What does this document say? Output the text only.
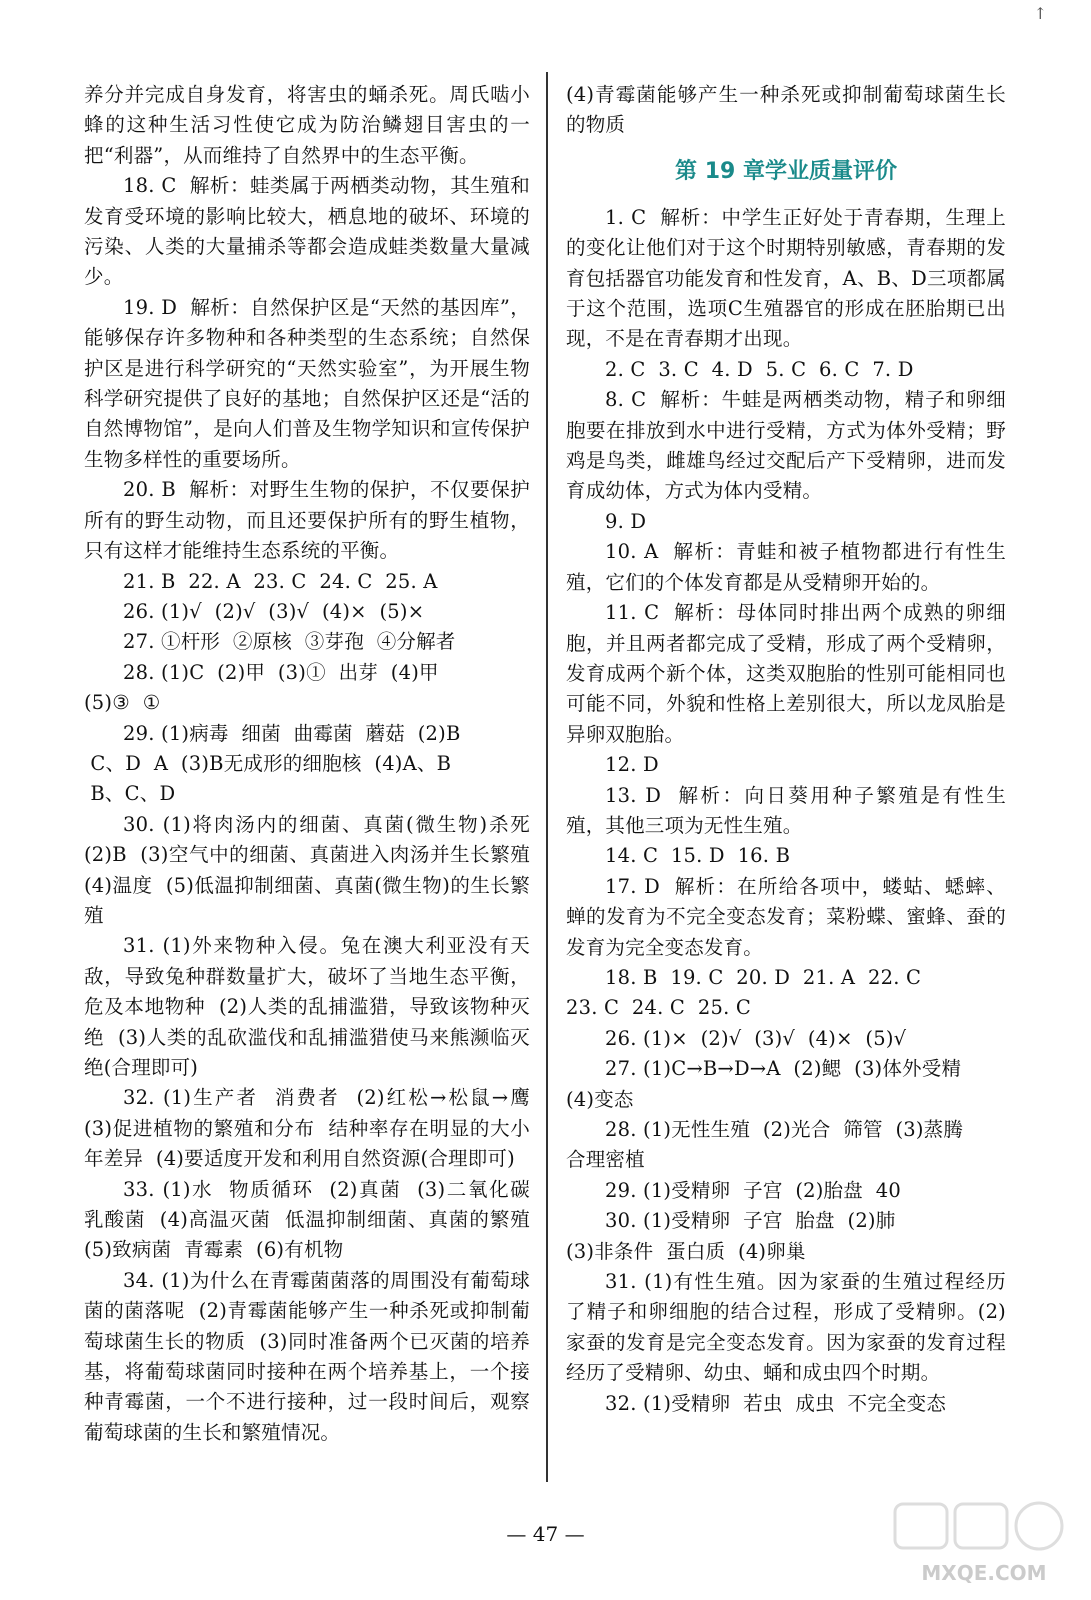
↑

养分并完成自身发育，将害虫的蛹杀死。周氏啮小蜂的这种生活习性使它成为防治鳞翅目害虫的一把“利器”，从而维持了自然界中的生态平衡。

18. C  解析：蛙类属于两栖类动物，其生殖和发育受环境的影响比较大，栖息地的破坏、环境的污染、人类的大量捕杀等都会造成蛙类数量大量减少。

19. D  解析：自然保护区是“天然的基因库”，能够保存许多物种和各种类型的生态系统；自然保护区是进行科学研究的“天然实验室”，为开展生物科学研究提供了良好的基地；自然保护区还是“活的自然博物馆”，是向人们普及生物学知识和宣传保护生物多样性的重要场所。

20. B  解析：对野生生物的保护，不仅要保护所有的野生动物，而且还要保护所有的野生植物，只有这样才能维持生态系统的平衡。

21. B  22. A  23. C  24. C  25. A

26. (1)√  (2)√  (3)√  (4)×  (5)×

27. ①杆形  ②原核  ③芽孢  ④分解者

28. (1)C  (2)甲  (3)①  出芽  (4)甲
(5)③  ①

29. (1)病毒  细菌  曲霉菌  蘑菇  (2)B
C、D  A  (3)B无成形的细胞核  (4)A、B
B、C、D

30. (1)将肉汤内的细菌、真菌(微生物)杀死  (2)B  (3)空气中的细菌、真菌进入肉汤并生长繁殖  (4)温度  (5)低温抑制细菌、真菌(微生物)的生长繁殖

31. (1)外来物种入侵。兔在澳大利亚没有天敌，导致兔种群数量扩大，破坏了当地生态平衡，危及本地物种  (2)人类的乱捕滥猎，导致该物种灭绝  (3)人类的乱砍滥伐和乱捕滥猎使马来熊濒临灭绝(合理即可)

32. (1)生产者  消费者  (2)红松→松鼠→鹰  (3)促进植物的繁殖和分布  结种率存在明显的大小年差异  (4)要适度开发和利用自然资源(合理即可)

33. (1)水  物质循环  (2)真菌  (3)二氧化碳  乳酸菌  (4)高温灭菌  低温抑制细菌、真菌的繁殖  (5)致病菌  青霉素  (6)有机物

34. (1)为什么在青霉菌菌落的周围没有葡萄球菌的菌落呢  (2)青霉菌能够产生一种杀死或抑制葡萄球菌生长的物质  (3)同时准备两个已灭菌的培养基，将葡萄球菌同时接种在两个培养基上，一个接种青霉菌，一个不进行接种，过一段时间后，观察葡萄球菌的生长和繁殖情况。

(4)青霉菌能够产生一种杀死或抑制葡萄球菌生长的物质

第 19 章学业质量评价

1. C  解析：中学生正好处于青春期，生理上的变化让他们对于这个时期特别敏感，青春期的发育包括器官功能发育和性发育，A、B、D三项都属于这个范围，选项C生殖器官的形成在胚胎期已出现，不是在青春期才出现。

2. C  3. C  4. D  5. C  6. C  7. D

8. C  解析：牛蛙是两栖类动物，精子和卵细胞要在排放到水中进行受精，方式为体外受精；野鸡是鸟类，雌雄鸟经过交配后产下受精卵，进而发育成幼体，方式为体内受精。

9. D

10. A  解析：青蛙和被子植物都进行有性生殖，它们的个体发育都是从受精卵开始的。

11. C  解析：母体同时排出两个成熟的卵细胞，并且两者都完成了受精，形成了两个受精卵，发育成两个新个体，这类双胞胎的性别可能相同也可能不同，外貌和性格上差别很大，所以龙凤胎是异卵双胞胎。

12. D

13. D  解析：向日葵用种子繁殖是有性生殖，其他三项为无性生殖。

14. C  15. D  16. B

17. D  解析：在所给各项中，蝼蛄、蟋蟀、蝉的发育为不完全变态发育；菜粉蝶、蜜蜂、蚕的发育为完全变态发育。

18. B  19. C  20. D  21. A  22. C
23. C  24. C  25. C

26. (1)×  (2)√  (3)√  (4)×  (5)√

27. (1)C→B→D→A  (2)鳃  (3)体外受精
(4)变态

28. (1)无性生殖  (2)光合  筛管  (3)蒸腾
合理密植

29. (1)受精卵  子宫  (2)胎盘  40

30. (1)受精卵  子宫  胎盘  (2)肺
(3)非条件  蛋白质  (4)卵巢

31. (1)有性生殖。因为家蚕的生殖过程经历了精子和卵细胞的结合过程，形成了受精卵。(2)家蚕的发育是完全变态发育。因为家蚕的发育过程经历了受精卵、幼虫、蛹和成虫四个时期。

32. (1)受精卵  若虫  成虫  不完全变态

— 47 —
MXQE.COM
